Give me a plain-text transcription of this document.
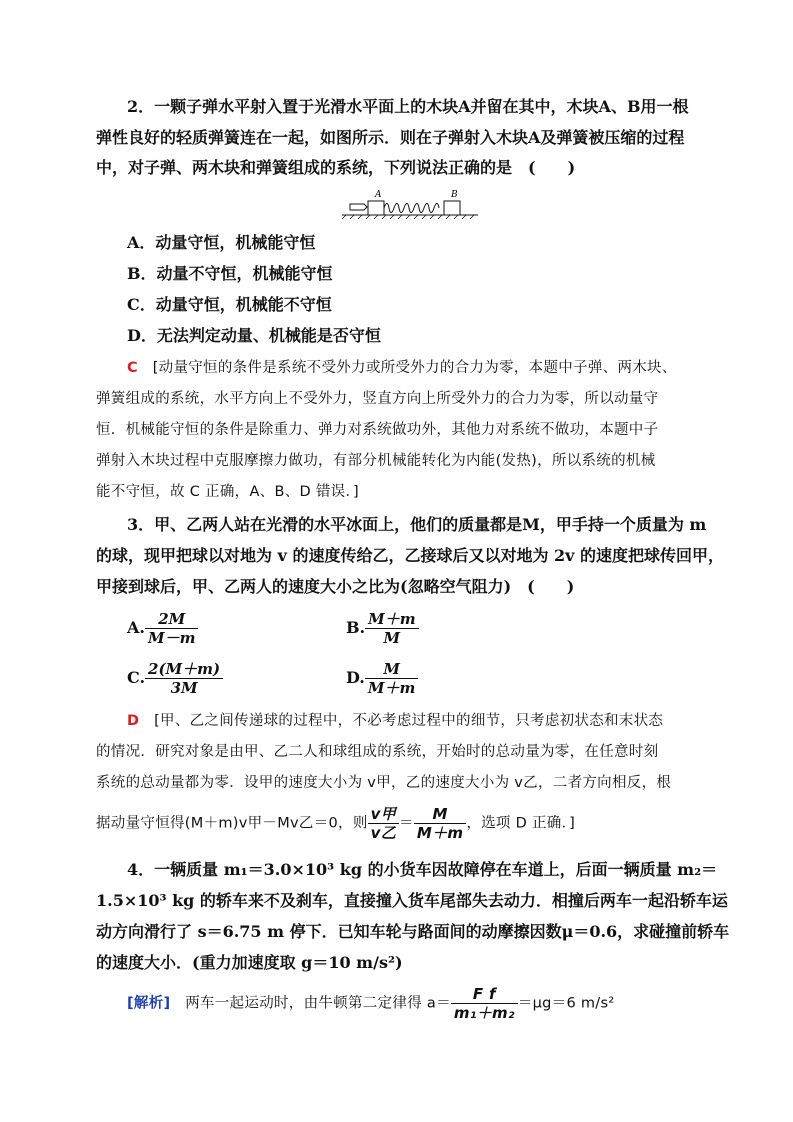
2．一颗子弹水平射入置于光滑水平面上的木块A并留在其中，木块A、B用一根
弹性良好的轻质弹簧连在一起，如图所示．则在子弹射入木块A及弹簧被压缩的过程
中，对子弹、两木块和弹簧组成的系统，下列说法正确的是　(　　)
A	B
A．动量守恒，机械能守恒
B．动量不守恒，机械能守恒
C．动量守恒，机械能不守恒
D．无法判定动量、机械能是否守恒
C [动量守恒的条件是系统不受外力或所受外力的合力为零，本题中子弹、两木块、
弹簧组成的系统，水平方向上不受外力，竖直方向上所受外力的合力为零，所以动量守
恒．机械能守恒的条件是除重力、弹力对系统做功外，其他力对系统不做功，本题中子
弹射入木块过程中克服摩擦力做功，有部分机械能转化为内能(发热)，所以系统的机械
能不守恒，故 C 正确，A、B、D 错误．]
3．甲、乙两人站在光滑的水平冰面上，他们的质量都是M，甲手持一个质量为 m
的球，现甲把球以对地为 v 的速度传给乙，乙接球后又以对地为 2v 的速度把球传回甲，
甲接到球后，甲、乙两人的速度大小之比为(忽略空气阻力)　(　　)
A. $\frac{2M}{M-m}$	B. $\frac{M+m}{M}$
C. $\frac{2(M+m)}{3M}$	D. $\frac{M}{M+m}$
D [甲、乙之间传递球的过程中，不必考虑过程中的细节，只考虑初状态和末状态
的情况．研究对象是由甲、乙二人和球组成的系统，开始时的总动量为零，在任意时刻
系统的总动量都为零．设甲的速度大小为 v甲，乙的速度大小为 v乙，二者方向相反，根
据动量守恒得(M＋m)v甲－Mv乙＝0，则 $\frac{\text{v甲}}{\text{v乙}} = \frac{M}{M+m}$ ，选项 D 正确．]
4．一辆质量 m₁＝3.0×10³ kg 的小货车因故障停在车道上，后面一辆质量 m₂＝
1.5×10³ kg 的轿车来不及刹车，直接撞入货车尾部失去动力．相撞后两车一起沿轿车运
动方向滑行了 s＝6.75 m 停下．已知车轮与路面间的动摩擦因数μ＝0.6，求碰撞前轿车
的速度大小．(重力加速度取 g＝10 m/s²)
[解析] 两车一起运动时，由牛顿第二定律得 $a= \frac{\text{F f}}{\text{m₁＋m₂}} =\mu g=6$ m/s²
